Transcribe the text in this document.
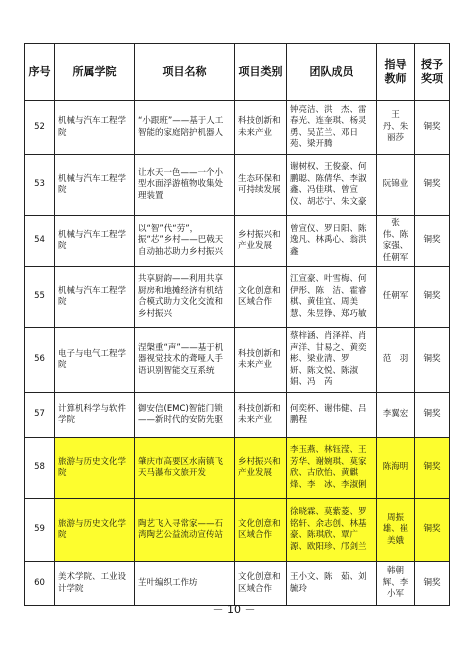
序号	所属学院	项目名称	项目类别	团队成员	指导教师	授予奖项
52	机械与汽车工程学院	“小跟班”——基于人工智能的家庭陪护机器人	科技创新和未来产业	钟亮洁、洪　杰、雷春光、连奎琪、杨灵勇、吴芷兰、邓日苑、梁开腾	王　丹、朱丽莎	铜奖
53	机械与汽车工程学院	让水天一色——一个小型水面浮游植物收集处理装置	生态环保和可持续发展	谢树权、王俊豪、何鹏聪、陈倩华、李淑鑫、冯佳琪、曾宣仪、胡芯宁、朱文豪	阮锦业	铜奖
54	机械与汽车工程学院	以“智”代“劳”，振“芯”乡村——巴戟天自动抽芯助力乡村振兴	乡村振兴和产业发展	曾宣仪、罗日阳、陈逸凡、林禹心、翁洪鑫	张　伟、陈家强、任朝军	铜奖
55	机械与汽车工程学院	共享厨韵——利用共享厨房和地摊经济有机结合模式助力文化交流和乡村振兴	文化创意和区域合作	江宣豪、叶雪梅、何伊彤、陈　洁、霍睿棋、黄佳宜、周美慧、朱昱铮、郑巧敏	任朝军	铜奖
56	电子与电气工程学院	涅槃重“声”——基于机器视觉技术的聋哑人手语识别智能交互系统	科技创新和未来产业	蔡梓涵、肖泽祥、肖声洋、甘易之、黄奕彬、梁业清、罗　妍、陈文悦、陈淑娟、冯　芮	范　羽	铜奖
57	计算机科学与软件学院	御安信(EMC)智能门锁——新时代的安防先驱	科技创新和未来产业	何奕杯、谢伟健、吕鹏程	李翼宏	铜奖
58	旅游与历史文化学院	肇庆市高要区水南镇飞天马瀑布文旅开发	乡村振兴和产业发展	李玉燕、林钰滢、王芳华、谢婉琪、莫家欣、古欣怡、黄麒烽、李　冰、李淑俐	陈海明	铜奖
59	旅游与历史文化学院	陶艺飞入寻常家——石湾陶艺公益流动宣传站	文化创意和区域合作	徐晓霖、莫紫菱、罗铭轩、余志创、林基豪、陈琪欣、覃广源、欧阳珍、邝剑兰	周振雄、崔美娥	铜奖
60	美术学院、工业设计学院	芏叶编织工作坊	文化创意和区域合作	王小文、陈　茹、刘毓玲	韩朝辉、李小军	铜奖
－ 10 －
